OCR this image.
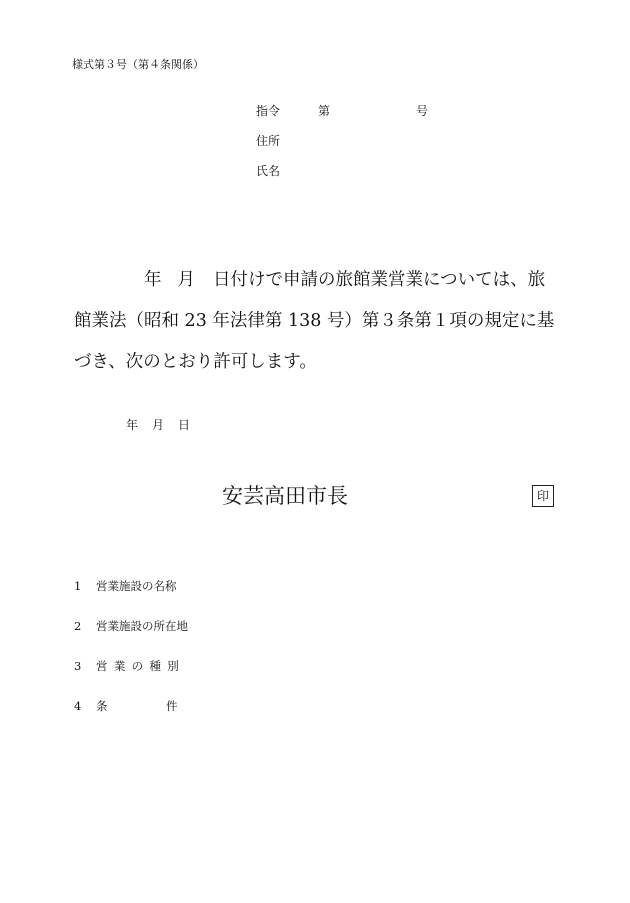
様式第３号（第４条関係）
指令	第	号
住所
氏名
年 月 日付けで申請の旅館業営業については、旅
館業法（昭和 23 年法律第 138 号）第３条第１項の規定に基
づき、次のとおり許可します。
年 月 日
安芸高田市長	印
1 営業施設の名称
2 営業施設の所在地
3 営業の種別
4 条	件
